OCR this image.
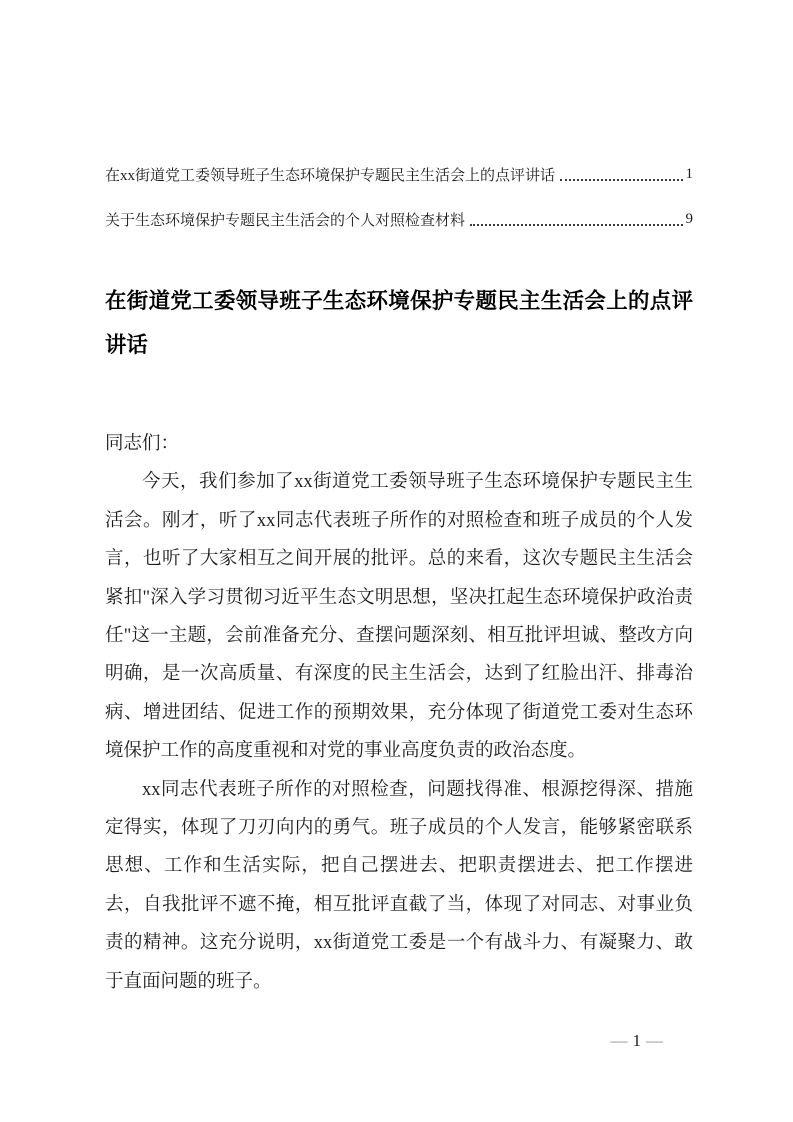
在xx街道党工委领导班子生态环境保护专题民主生活会上的点评讲话	1
关于生态环境保护专题民主生活会的个人对照检查材料	9
在街道党工委领导班子生态环境保护专题民主生活会上的点评讲话

同志们：

今天，我们参加了xx街道党工委领导班子生态环境保护专题民主生活会。刚才，听了xx同志代表班子所作的对照检查和班子成员的个人发言，也听了大家相互之间开展的批评。总的来看，这次专题民主生活会紧扣"深入学习贯彻习近平生态文明思想，坚决扛起生态环境保护政治责任"这一主题，会前准备充分、查摆问题深刻、相互批评坦诚、整改方向明确，是一次高质量、有深度的民主生活会，达到了红脸出汗、排毒治病、增进团结、促进工作的预期效果，充分体现了街道党工委对生态环境保护工作的高度重视和对党的事业高度负责的政治态度。

xx同志代表班子所作的对照检查，问题找得准、根源挖得深、措施定得实，体现了刀刃向内的勇气。班子成员的个人发言，能够紧密联系思想、工作和生活实际，把自己摆进去、把职责摆进去、把工作摆进去，自我批评不遮不掩，相互批评直截了当，体现了对同志、对事业负责的精神。这充分说明，xx街道党工委是一个有战斗力、有凝聚力、敢于直面问题的班子。

— 1 —
